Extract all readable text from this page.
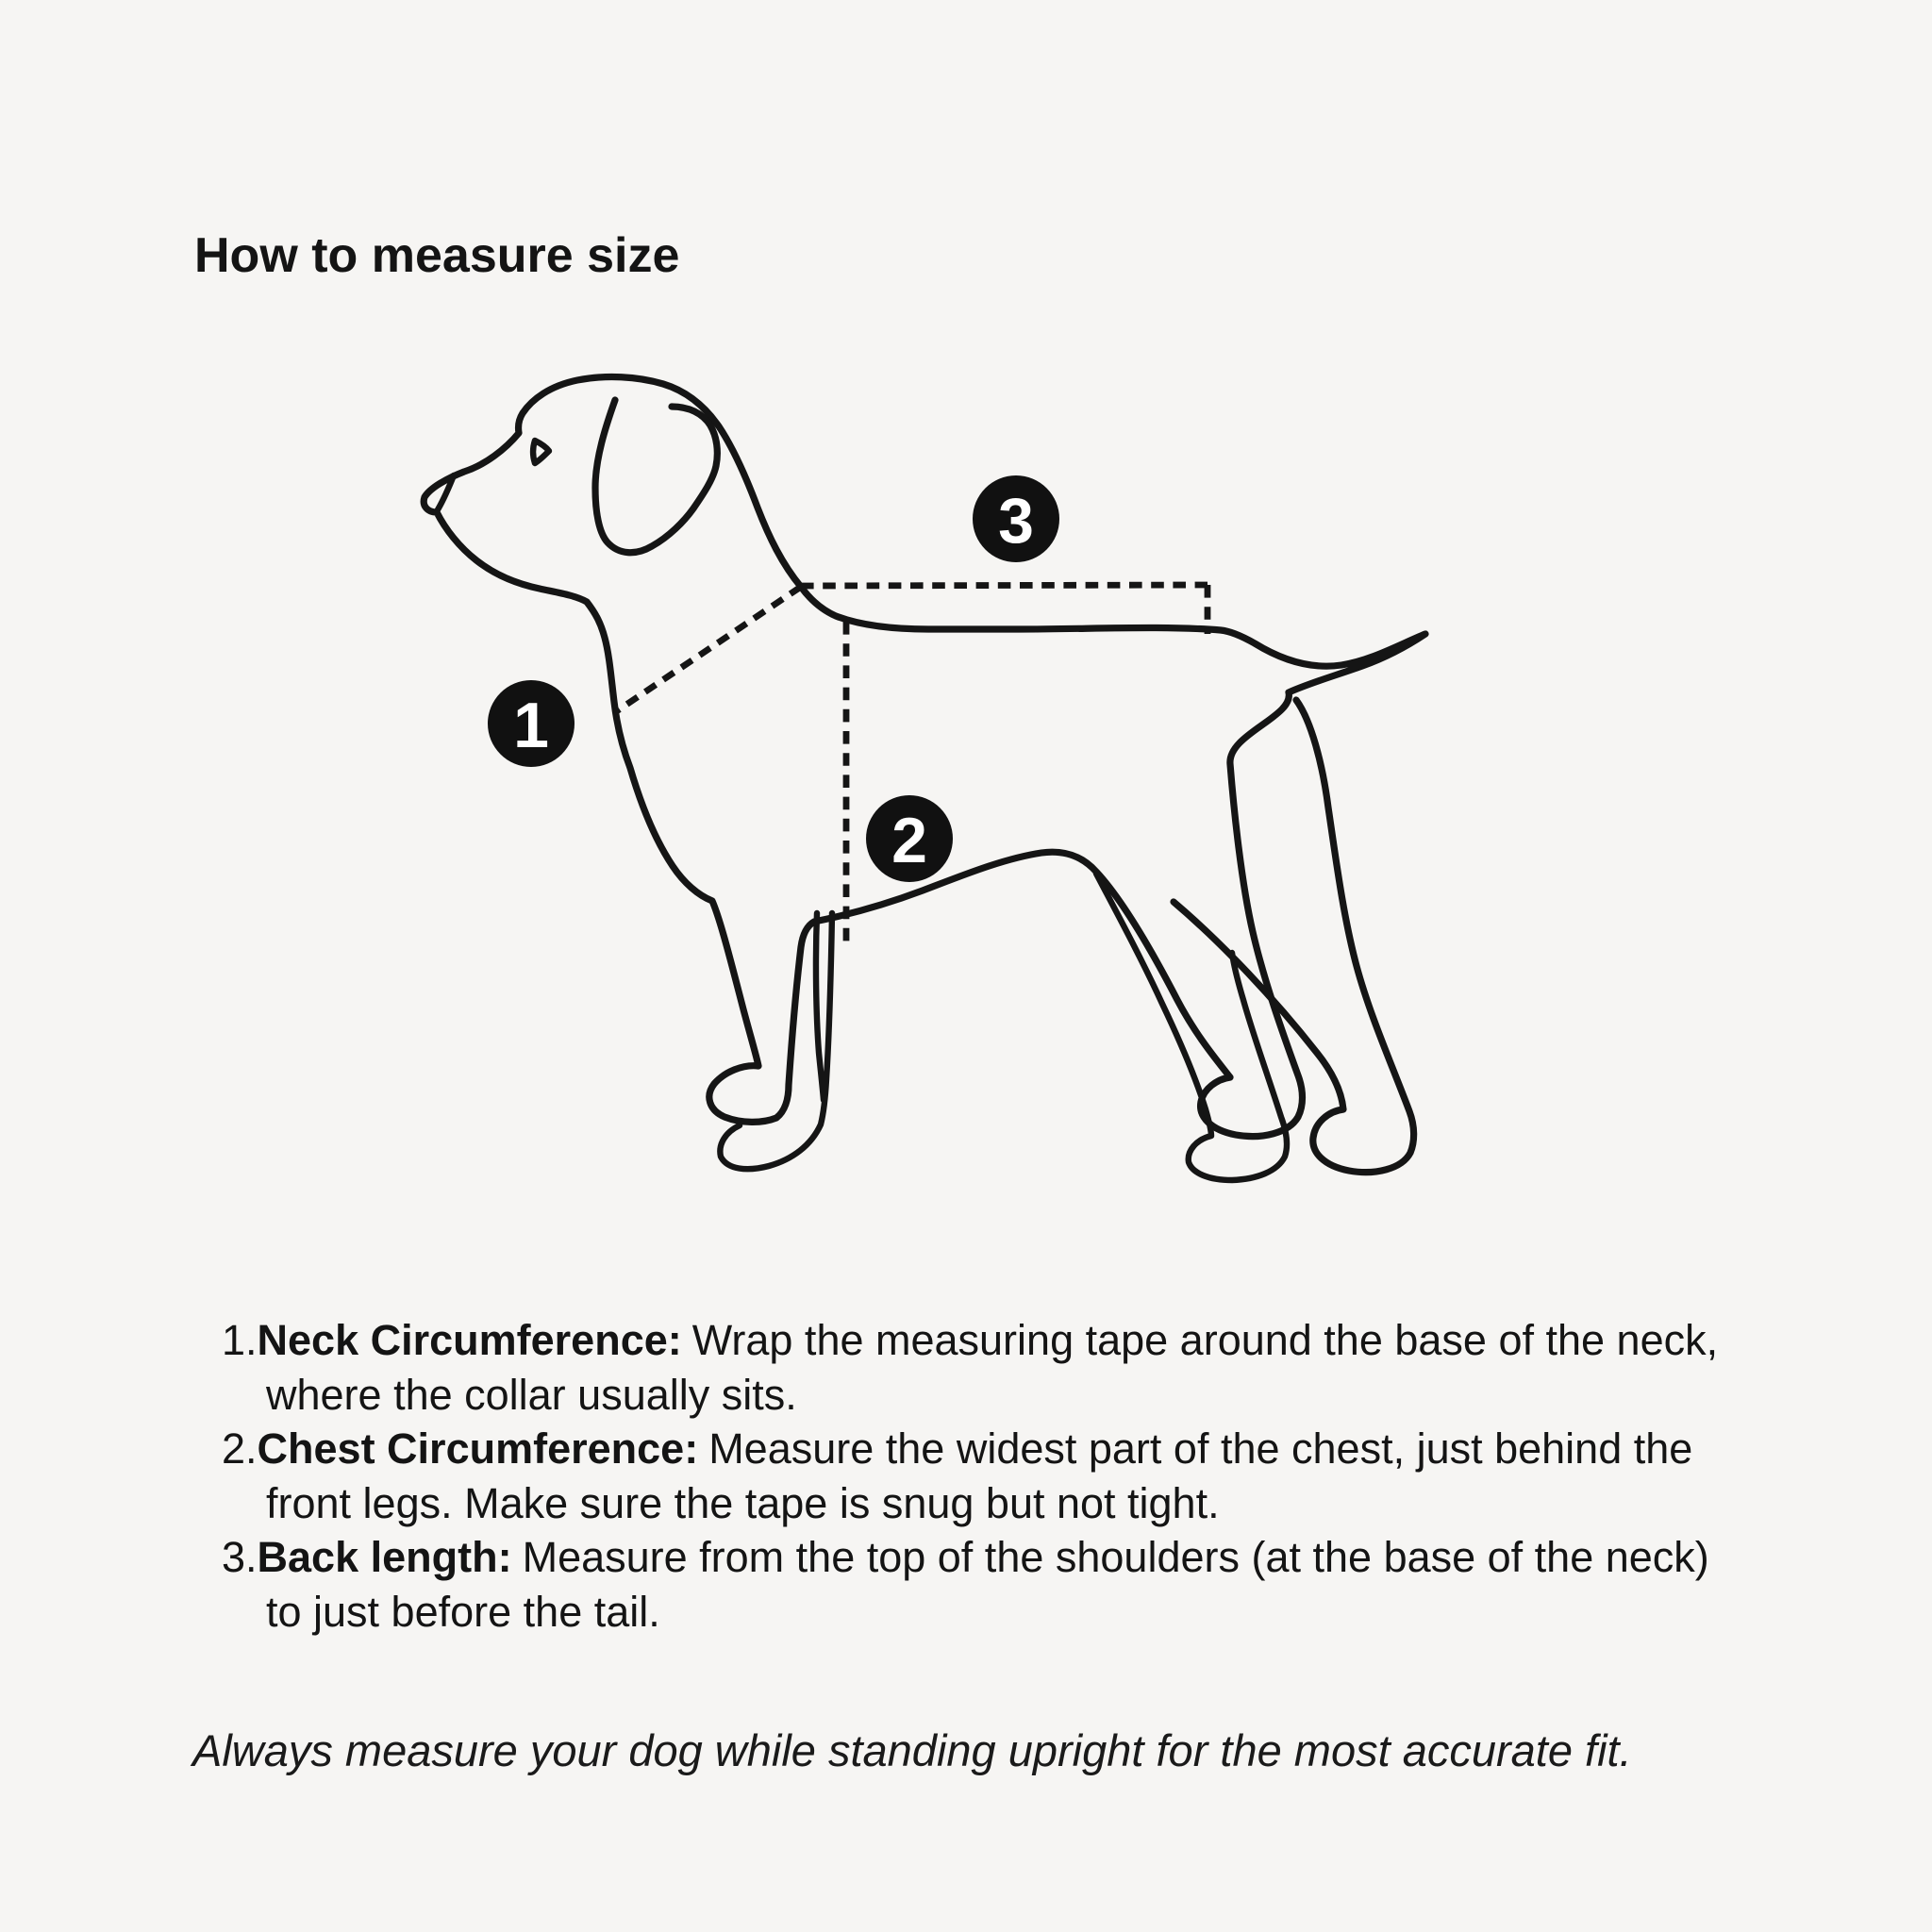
How to measure size
1
2
3
1.Neck Circumference: Wrap the measuring tape around the base of the neck, where the collar usually sits.
2.Chest Circumference: Measure the widest part of the chest, just behind the front legs. Make sure the tape is snug but not tight.
3.Back length: Measure from the top of the shoulders (at the base of the neck) to just before the tail.
Always measure your dog while standing upright for the most accurate fit.
